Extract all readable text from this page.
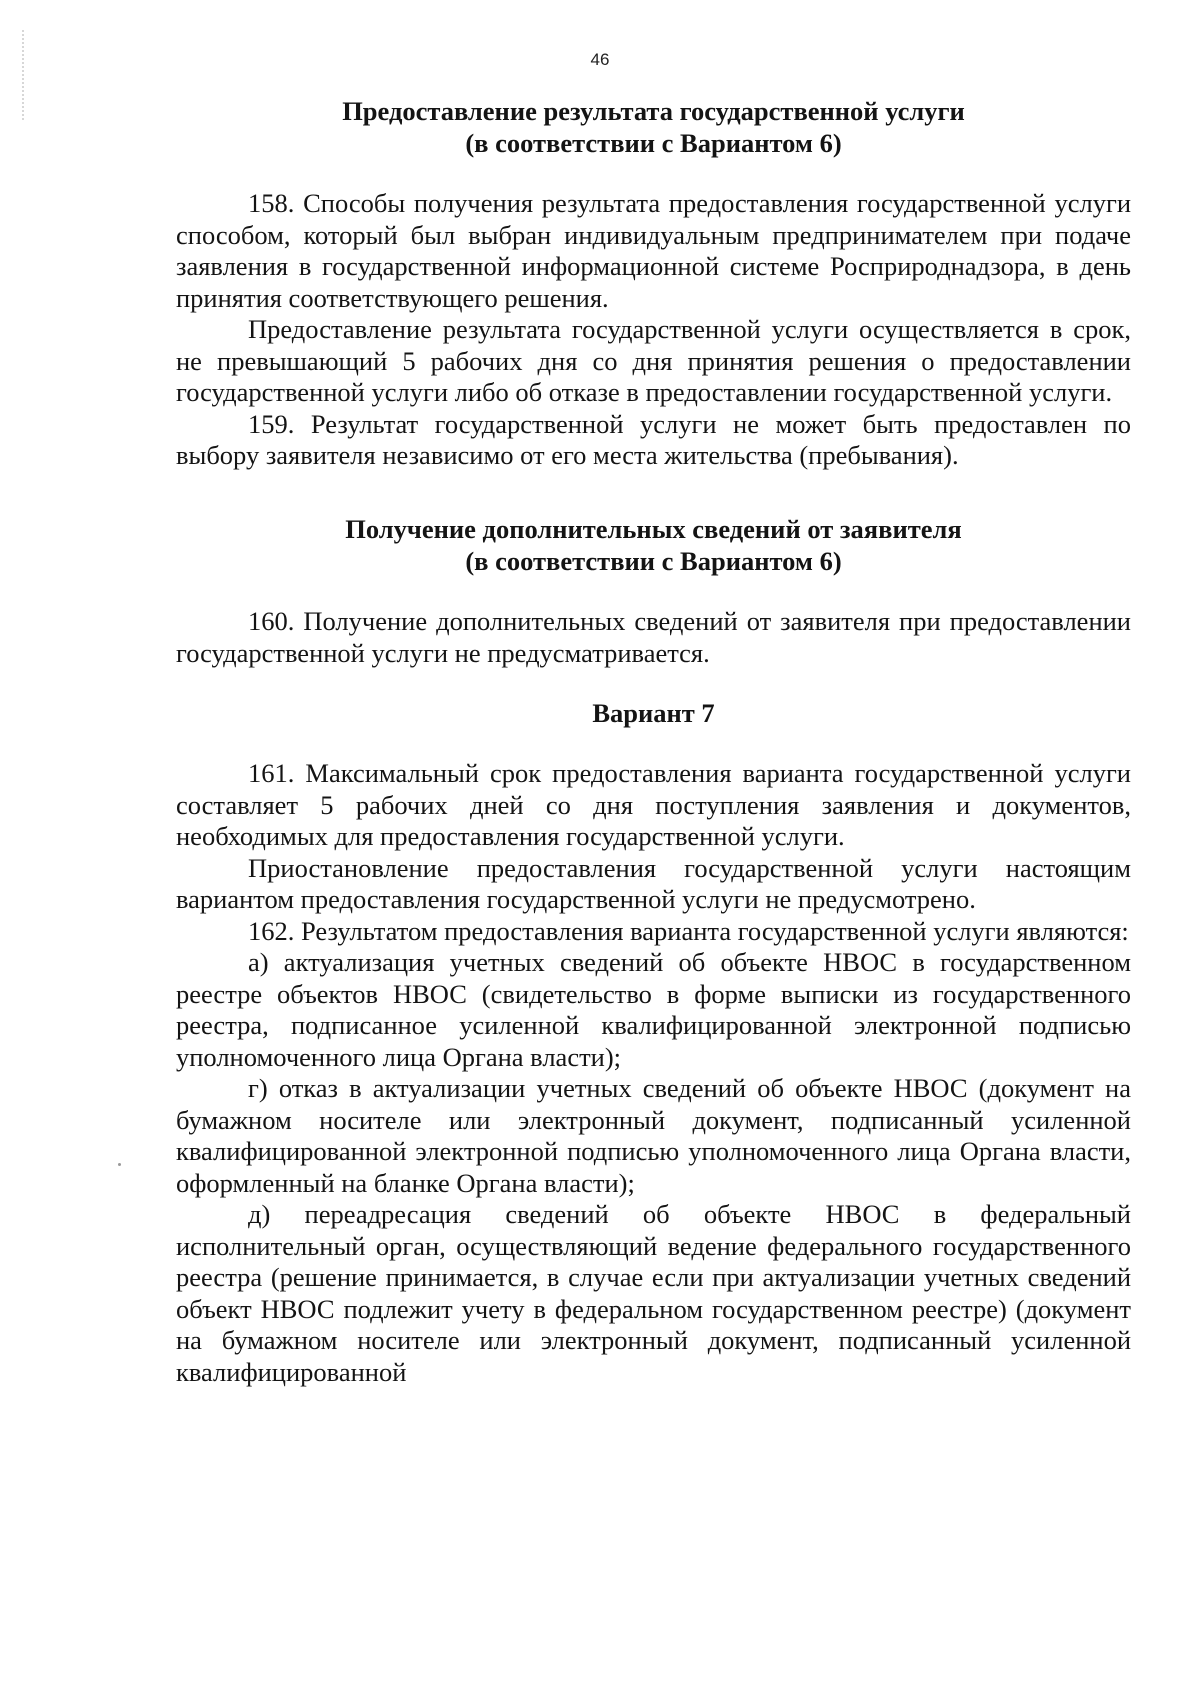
46
Предоставление результата государственной услуги
(в соответствии с Вариантом 6)

158. Способы получения результата предоставления государственной услуги способом, который был выбран индивидуальным предпринимателем при подаче заявления в государственной информационной системе Росприроднадзора, в день принятия соответствующего решения.

Предоставление результата государственной услуги осуществляется в срок, не превышающий 5 рабочих дня со дня принятия решения о предоставлении государственной услуги либо об отказе в предоставлении государственной услуги.

159. Результат государственной услуги не может быть предоставлен по выбору заявителя независимо от его места жительства (пребывания).

Получение дополнительных сведений от заявителя
(в соответствии с Вариантом 6)

160. Получение дополнительных сведений от заявителя при предоставлении государственной услуги не предусматривается.

Вариант 7

161. Максимальный срок предоставления варианта государственной услуги составляет 5 рабочих дней со дня поступления заявления и документов, необходимых для предоставления государственной услуги.

Приостановление предоставления государственной услуги настоящим вариантом предоставления государственной услуги не предусмотрено.

162. Результатом предоставления варианта государственной услуги являются:

а) актуализация учетных сведений об объекте НВОС в государственном реестре объектов НВОС (свидетельство в форме выписки из государственного реестра, подписанное усиленной квалифицированной электронной подписью уполномоченного лица Органа власти);

г) отказ в актуализации учетных сведений об объекте НВОС (документ на бумажном носителе или электронный документ, подписанный усиленной квалифицированной электронной подписью уполномоченного лица Органа власти, оформленный на бланке Органа власти);

д) переадресация сведений об объекте НВОС в федеральный исполнительный орган, осуществляющий ведение федерального государственного реестра (решение принимается, в случае если при актуализации учетных сведений объект НВОС подлежит учету в федеральном государственном реестре) (документ на бумажном носителе или электронный документ, подписанный усиленной квалифицированной
